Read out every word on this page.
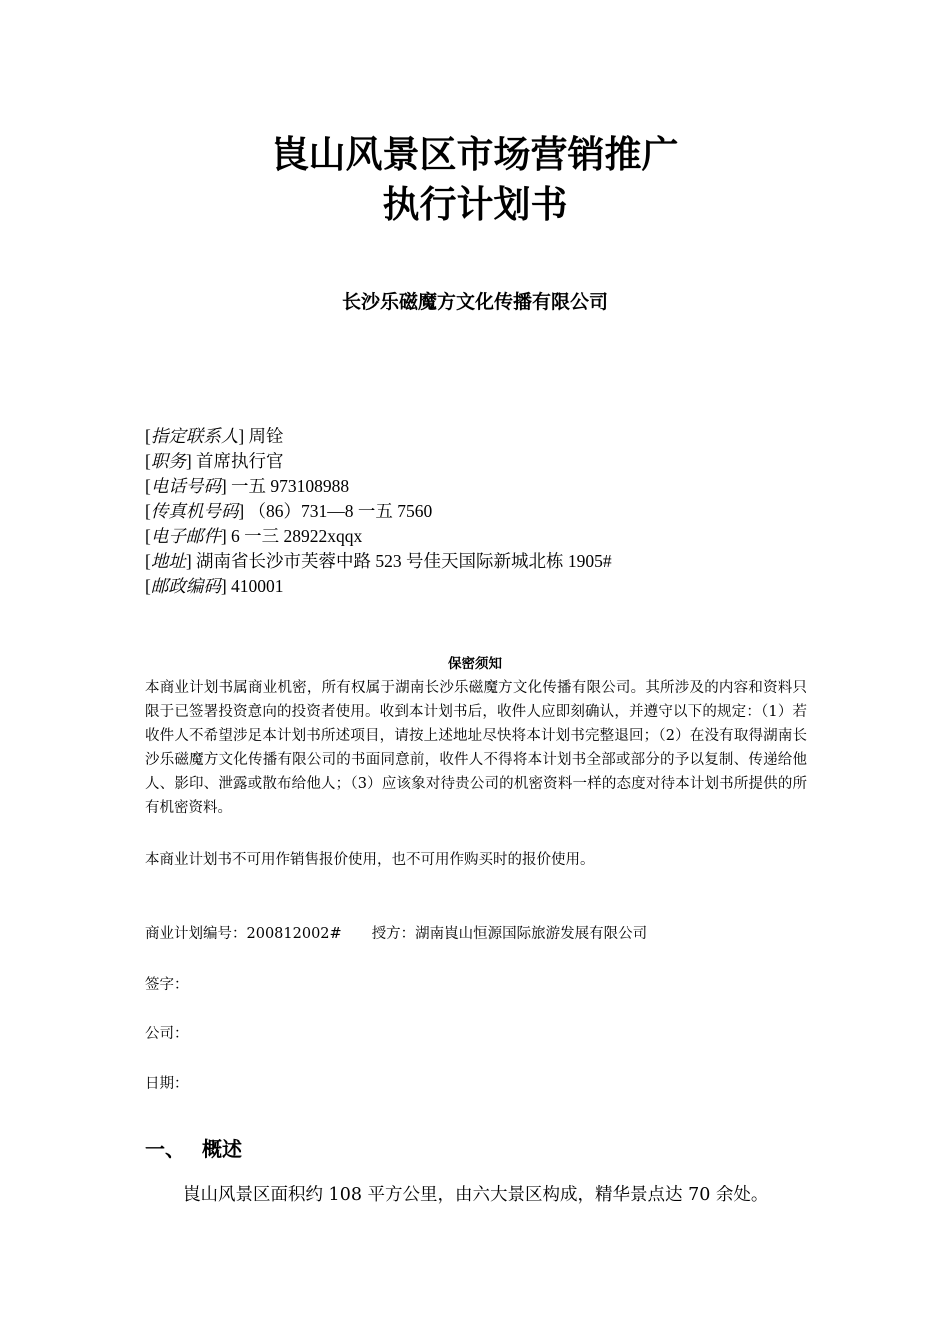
崀山风景区市场营销推广
执行计划书
长沙乐磁魔方文化传播有限公司
[指定联系人] 周铨
[职务] 首席执行官
[电话号码] 一五 973108988
[传真机号码] （86）731—8 一五 7560
[电子邮件] 6 一三 28922xqqx
[地址] 湖南省长沙市芙蓉中路 523 号佳天国际新城北栋 1905#
[邮政编码] 410001
保密须知
本商业计划书属商业机密，所有权属于湖南长沙乐磁魔方文化传播有限公司。其所涉及的内容和资料只限于已签署投资意向的投资者使用。收到本计划书后，收件人应即刻确认，并遵守以下的规定：（1）若收件人不希望涉足本计划书所述项目，请按上述地址尽快将本计划书完整退回；（2）在没有取得湖南长沙乐磁魔方文化传播有限公司的书面同意前，收件人不得将本计划书全部或部分的予以复制、传递给他人、影印、泄露或散布给他人；（3）应该象对待贵公司的机密资料一样的态度对待本计划书所提供的所有机密资料。
本商业计划书不可用作销售报价使用，也不可用作购买时的报价使用。
商业计划编号：200812002# 授方：湖南崀山恒源国际旅游发展有限公司
签字：
公司：
日期：
一、 概述
崀山风景区面积约 108 平方公里，由六大景区构成，精华景点达 70 余处。
